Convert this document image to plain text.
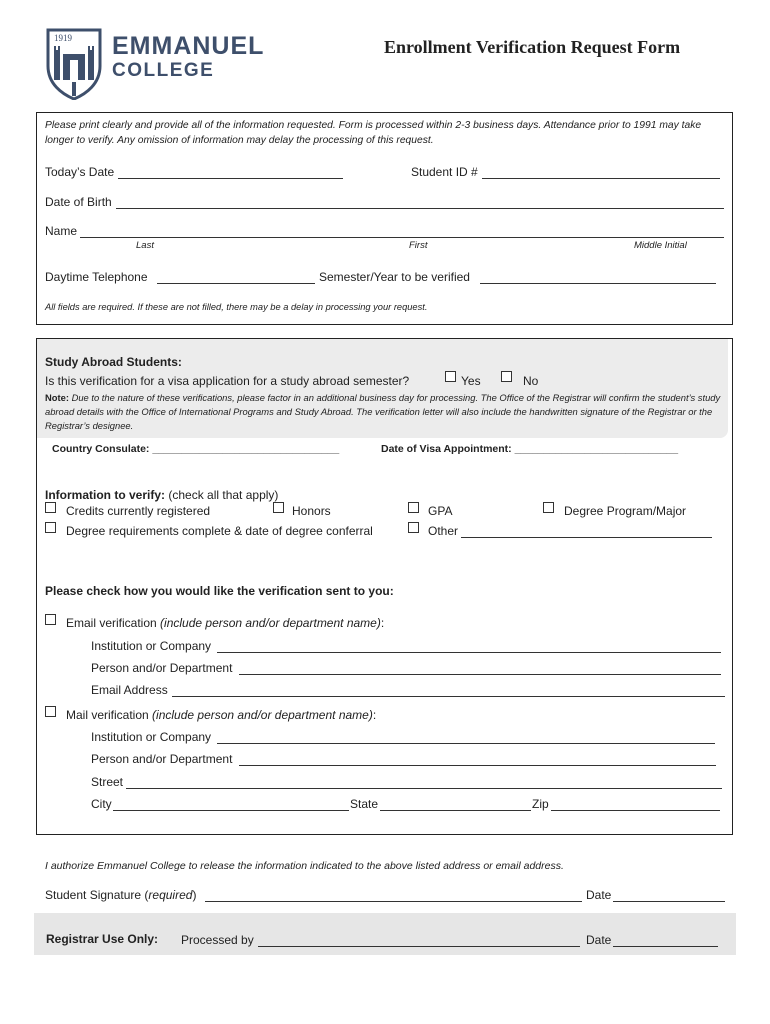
1919 EMMANUEL
COLLEGE
Enrollment Verification Request Form
Please print clearly and provide all of the information requested. Form is processed within 2-3 business days. Attendance prior to 1991 may take longer to verify. Any omission of information may delay the processing of this request.
Today’s Date	Student ID #
Date of Birth
Name
Last	First	Middle Initial
Daytime Telephone	Semester/Year to be verified
All fields are required. If these are not filled, there may be a delay in processing your request.
Study Abroad Students:
Is this verification for a visa application for a study abroad semester?	Yes	No
Note: Due to the nature of these verifications, please factor in an additional business day for processing. The Office of the Registrar will confirm the student’s study abroad details with the Office of International Programs and Study Abroad. The verification letter will also include the handwritten signature of the Registrar or the Registrar’s designee.
Country Consulate: ________________________________	Date of Visa Appointment: ____________________________
Information to verify: (check all that apply)
Credits currently registered	Honors	GPA	Degree Program/Major
Degree requirements complete & date of degree conferral	Other
Please check how you would like the verification sent to you:
Email verification (include person and/or department name):
Institution or Company
Person and/or Department
Email Address
Mail verification (include person and/or department name):
Institution or Company
Person and/or Department
Street
City	State	Zip
I authorize Emmanuel College to release the information indicated to the above listed address or email address.
Student Signature (required)	Date
Registrar Use Only: Processed by	Date
